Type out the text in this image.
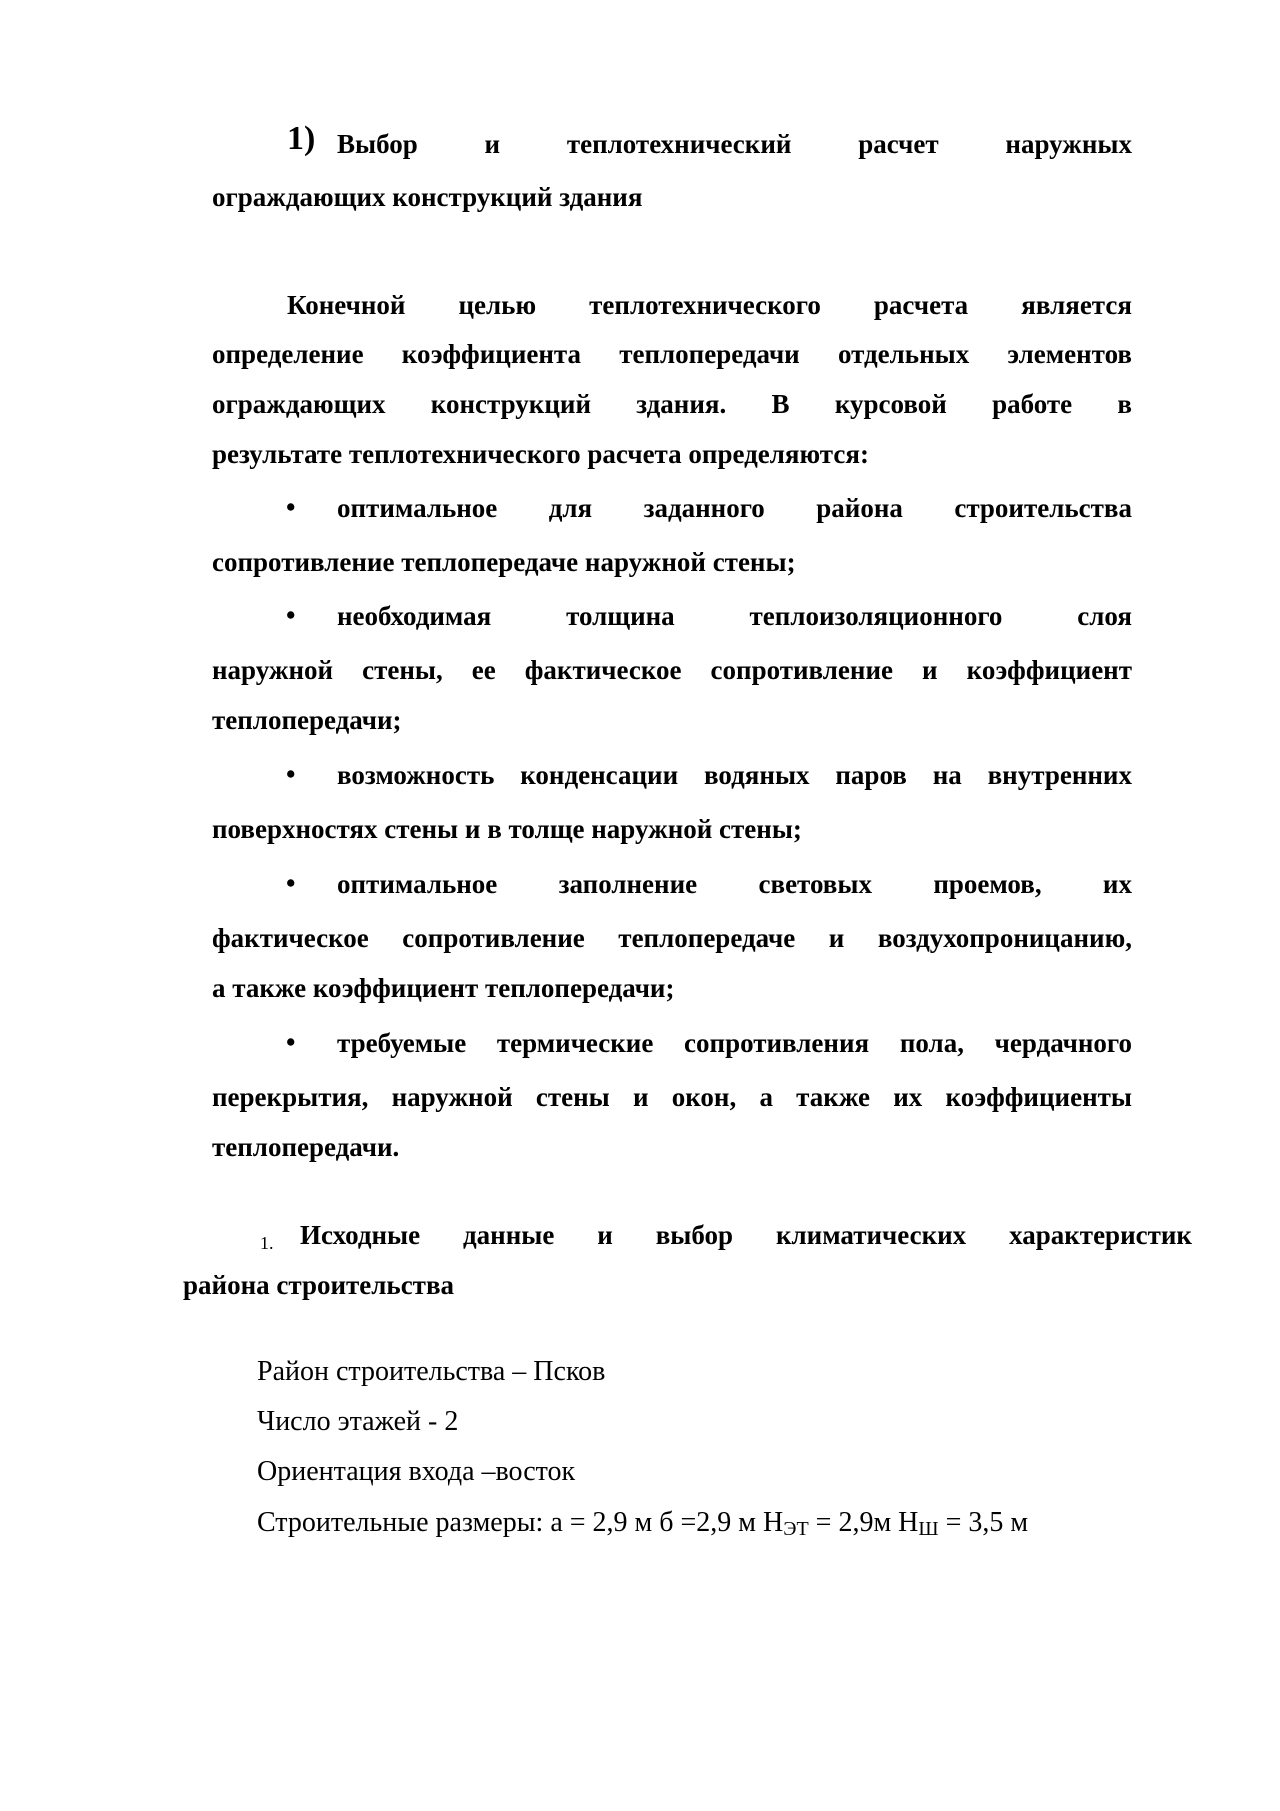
1) Выбор и теплотехнический расчет наружных
ограждающих конструкций здания
Конечной целью теплотехнического расчета является
определение коэффициента теплопередачи отдельных элементов
ограждающих конструкций здания. В курсовой работе в
результате теплотехнического расчета определяются:
•	оптимальное для заданного района строительства
сопротивление теплопередаче наружной стены;
•	необходимая толщина теплоизоляционного слоя
наружной стены, ее фактическое сопротивление и коэффициент
теплопередачи;
•	возможность конденсации водяных паров на внутренних
поверхностях стены и в толще наружной стены;
•	оптимальное заполнение световых проемов, их
фактическое сопротивление теплопередаче и воздухопроницанию,
а также коэффициент теплопередачи;
•	требуемые термические сопротивления пола, чердачного
перекрытия, наружной стены и окон, а также их коэффициенты
теплопередачи.
1. Исходные данные и выбор климатических характеристик
района строительства
Район строительства – Псков
Число этажей - 2
Ориентация входа –восток
Строительные размеры: а = 2,9 м б =2,9 м НЭТ = 2,9м НШ = 3,5 м
